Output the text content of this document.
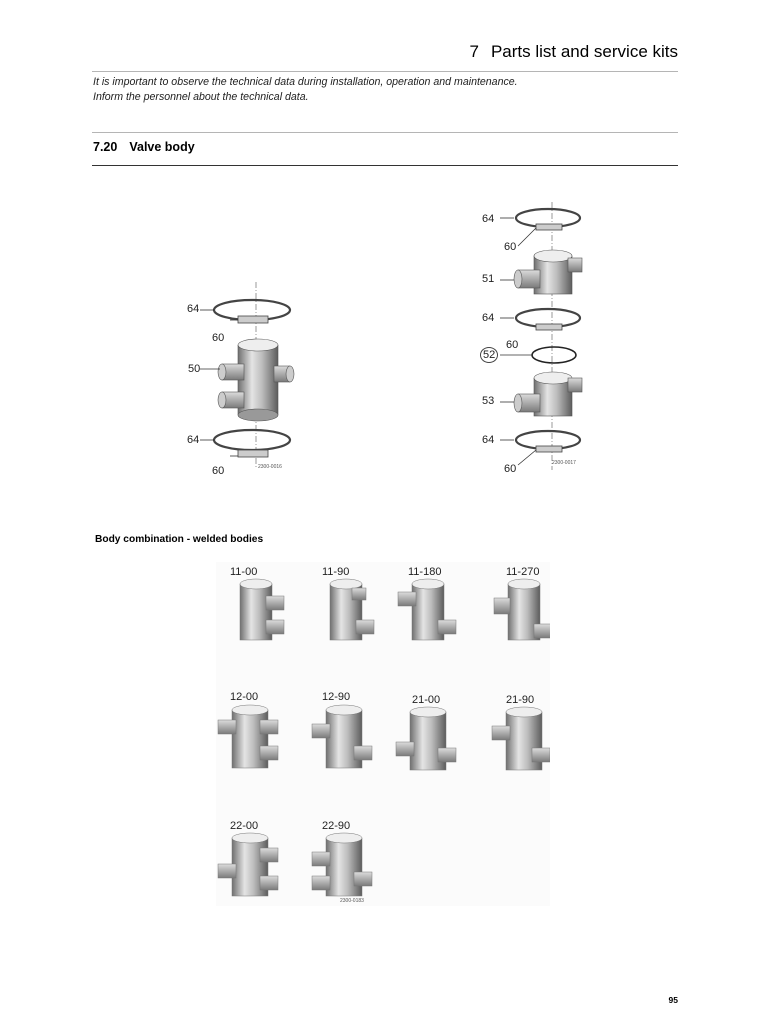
7 Parts list and service kits
It is important to observe the technical data during installation, operation and maintenance.
Inform the personnel about the technical data.
7.20 Valve body
64
60
50
64
60	2300-0016
64
60
51
64
60
52
53
64
60	2300-0017
Body combination - welded bodies
11-00	11-90	11-180	11-270
12-00	12-90	21-00	21-90
22-00	22-90
2300-0183
95
